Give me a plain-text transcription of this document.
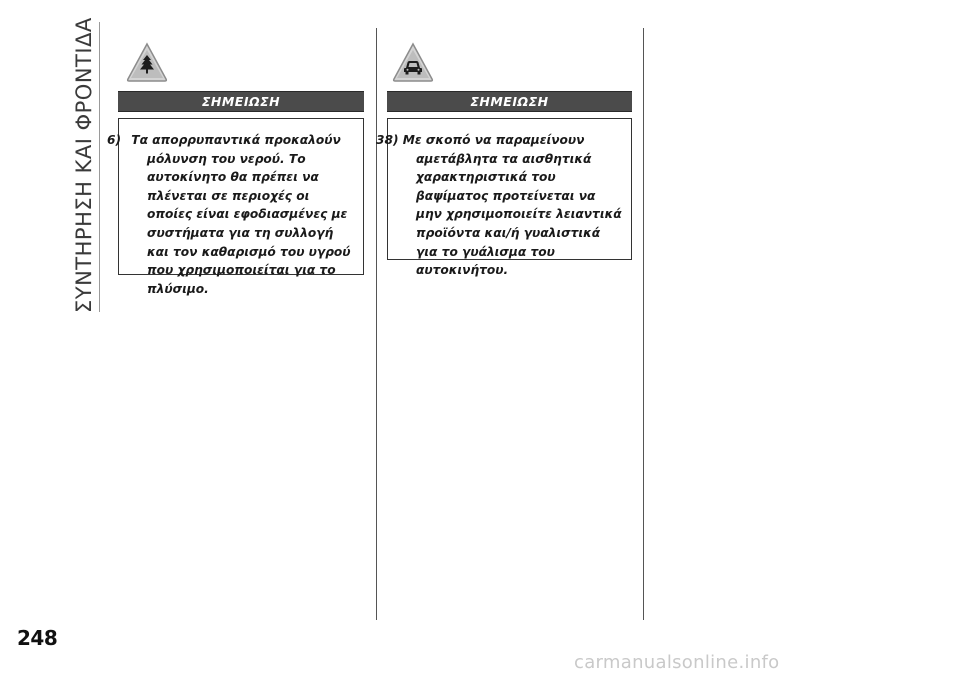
ΣΥΝΤΗΡΗΣΗ ΚΑΙ ΦΡΟΝΤΙΔΑ	ΣΗΜΕΙΩΣΗ

6) Τα απορρυπαντικά προκαλούν μόλυνση του νερού. Το αυτοκίνητο θα πρέπει να πλένεται σε περιοχές οι οποίες είναι εφοδιασμένες με συστήματα για τη συλλογή και τον καθαρισμό του υγρού που χρησιμοποιείται για το πλύσιμο.

ΣΗΜΕΙΩΣΗ

38) Με σκοπό να παραμείνουν αμετάβλητα τα αισθητικά χαρακτηριστικά του βαψίματος προτείνεται να μην χρησιμοποιείτε λειαντικά προϊόντα και/ή γυαλιστικά για το γυάλισμα του αυτοκινήτου.

248
carmanualsonline.info
